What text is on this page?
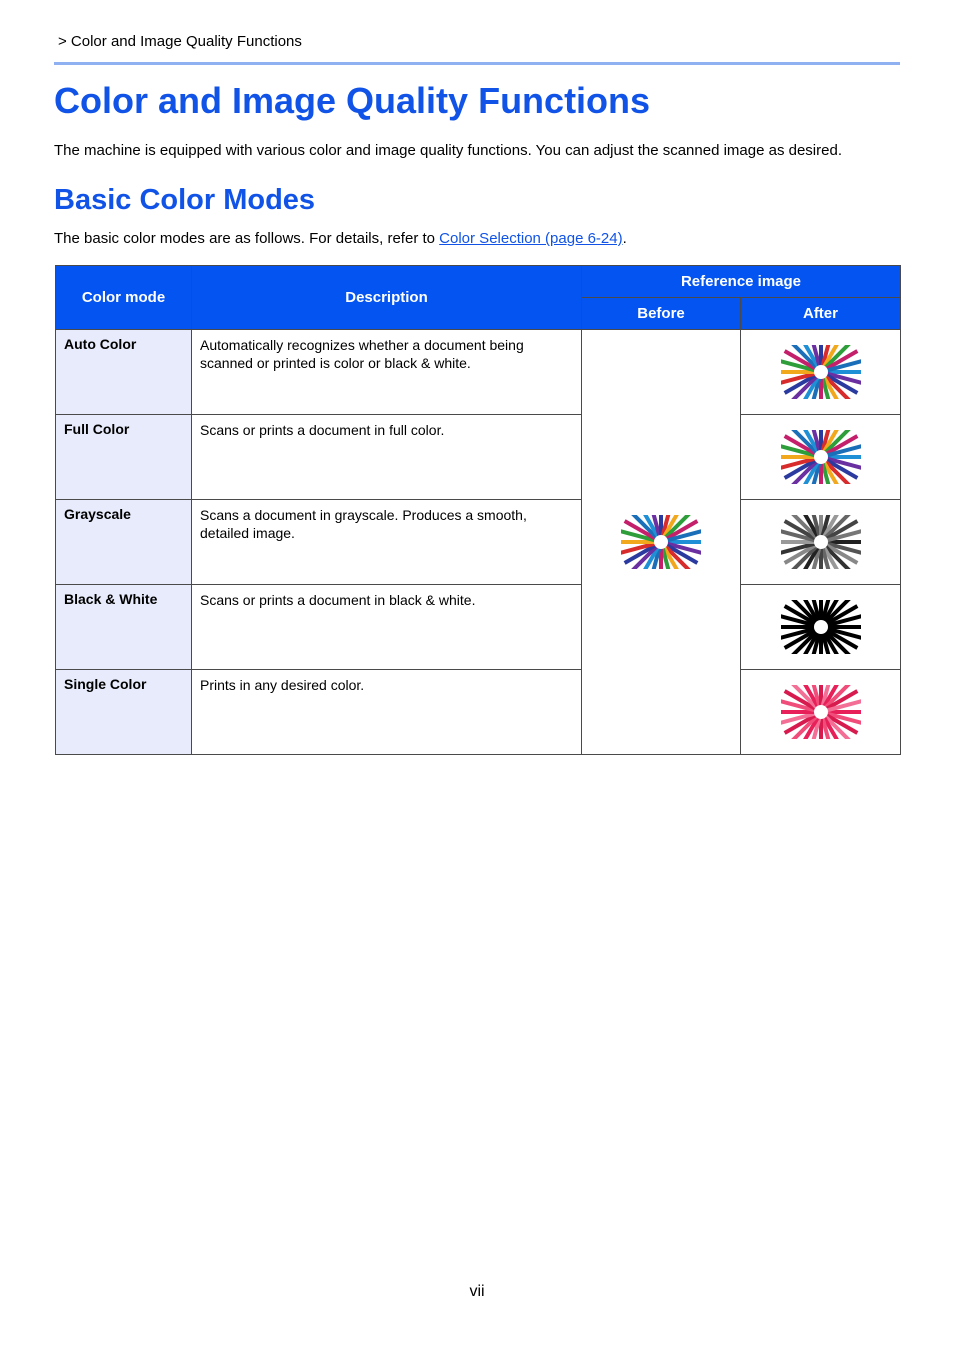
> Color and Image Quality Functions
Color and Image Quality Functions
The machine is equipped with various color and image quality functions. You can adjust the scanned image as desired.
Basic Color Modes
The basic color modes are as follows. For details, refer to Color Selection (page 6-24).
Color mode	Description	Reference image	
		Before	After
Auto Color	Automatically recognizes whether a document being scanned or printed is color or black & white.	

Full Color	Scans or prints a document in full color.	

Grayscale	Scans a document in grayscale. Produces a smooth, detailed image.	

Black & White	Scans or prints a document in black & white.	

Single Color	Prints in any desired color.	
vii
